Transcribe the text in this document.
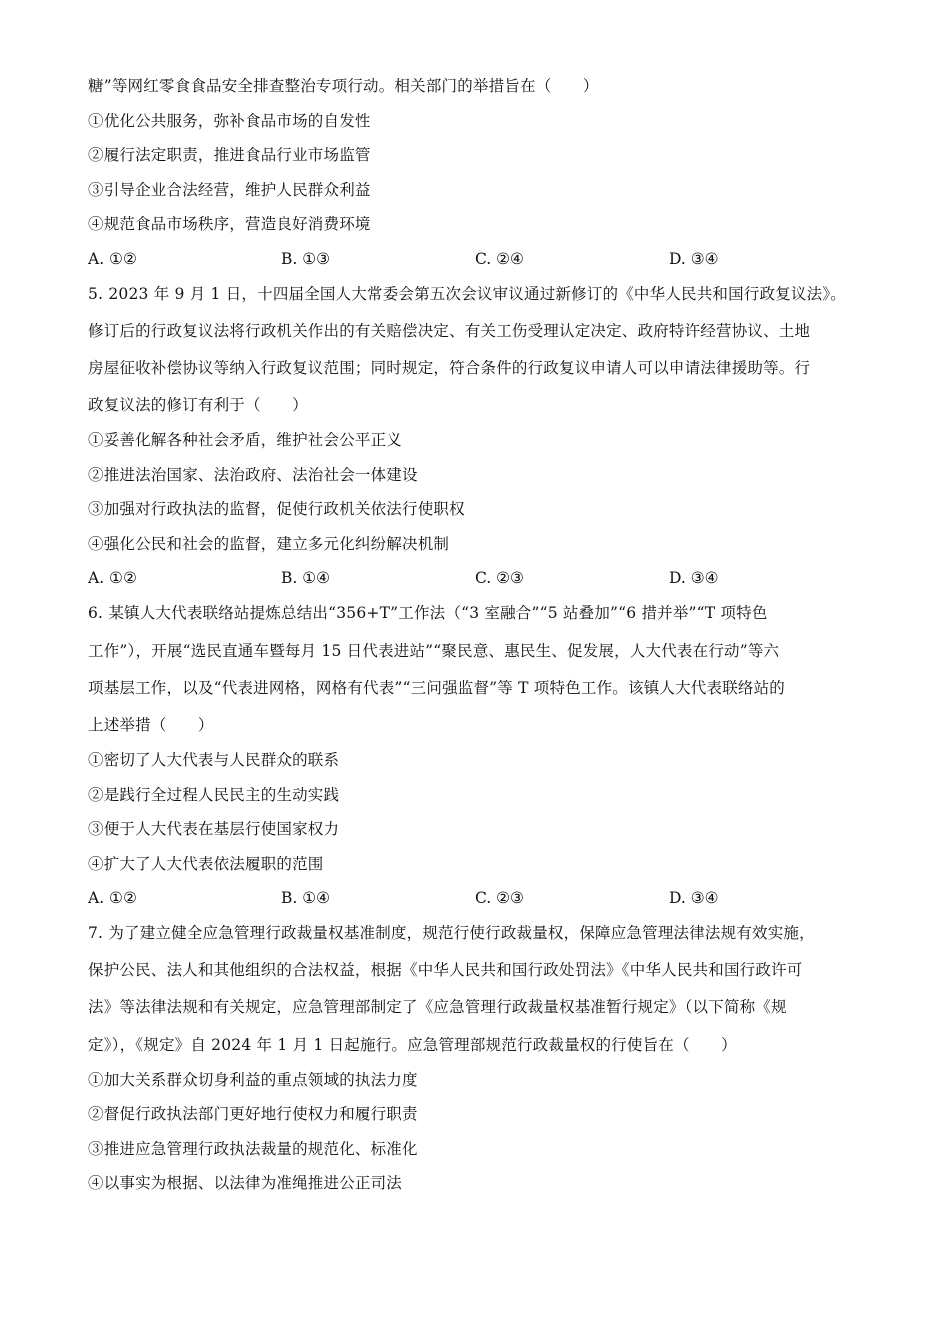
糖”等网红零食食品安全排查整治专项行动。相关部门的举措旨在（　　）
①优化公共服务，弥补食品市场的自发性
②履行法定职责，推进食品行业市场监管
③引导企业合法经营，维护人民群众利益
④规范食品市场秩序，营造良好消费环境
A. ①②	B. ①③	C. ②④	D. ③④
5. 2023 年 9 月 1 日，十四届全国人大常委会第五次会议审议通过新修订的《中华人民共和国行政复议法》。
修订后的行政复议法将行政机关作出的有关赔偿决定、有关工伤受理认定决定、政府特许经营协议、土地
房屋征收补偿协议等纳入行政复议范围；同时规定，符合条件的行政复议申请人可以申请法律援助等。行
政复议法的修订有利于（　　）
①妥善化解各种社会矛盾，维护社会公平正义
②推进法治国家、法治政府、法治社会一体建设
③加强对行政执法的监督，促使行政机关依法行使职权
④强化公民和社会的监督，建立多元化纠纷解决机制
A. ①②	B. ①④	C. ②③	D. ③④
6. 某镇人大代表联络站提炼总结出“356+T”工作法（“3 室融合”“5 站叠加”“6 措并举”“T 项特色
工作”），开展“选民直通车暨每月 15 日代表进站”“聚民意、惠民生、促发展，人大代表在行动”等六
项基层工作，以及“代表进网格，网格有代表”“三问强监督”等 T 项特色工作。该镇人大代表联络站的
上述举措（　　）
①密切了人大代表与人民群众的联系
②是践行全过程人民民主的生动实践
③便于人大代表在基层行使国家权力
④扩大了人大代表依法履职的范围
A. ①②	B. ①④	C. ②③	D. ③④
7. 为了建立健全应急管理行政裁量权基准制度，规范行使行政裁量权，保障应急管理法律法规有效实施，
保护公民、法人和其他组织的合法权益，根据《中华人民共和国行政处罚法》《中华人民共和国行政许可
法》等法律法规和有关规定，应急管理部制定了《应急管理行政裁量权基准暂行规定》（以下简称《规
定》），《规定》自 2024 年 1 月 1 日起施行。应急管理部规范行政裁量权的行使旨在（　　）
①加大关系群众切身利益的重点领域的执法力度
②督促行政执法部门更好地行使权力和履行职责
③推进应急管理行政执法裁量的规范化、标准化
④以事实为根据、以法律为准绳推进公正司法
